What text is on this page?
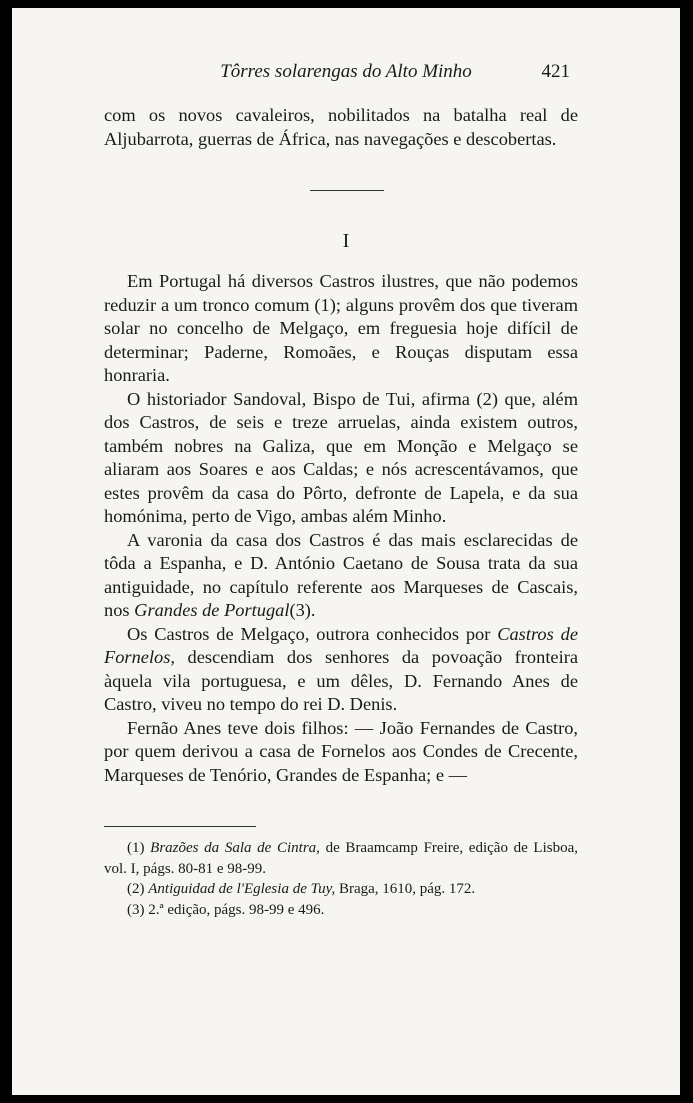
Tôrres solarengas do Alto Minho	421

com os novos cavaleiros, nobilitados na batalha real de Aljubarrota, guerras de África, nas navegações e descobertas.

I

Em Portugal há diversos Castros ilustres, que não podemos reduzir a um tronco comum (1); alguns provêm dos que tiveram solar no concelho de Melgaço, em freguesia hoje difícil de determinar; Paderne, Romoães, e Rouças disputam essa honraria.

O historiador Sandoval, Bispo de Tui, afirma (2) que, além dos Castros, de seis e treze arruelas, ainda existem outros, também nobres na Galiza, que em Monção e Melgaço se aliaram aos Soares e aos Caldas; e nós acrescentávamos, que estes provêm da casa do Pôrto, defronte de Lapela, e da sua homónima, perto de Vigo, ambas além Minho.

A varonia da casa dos Castros é das mais esclarecidas de tôda a Espanha, e D. António Caetano de Sousa trata da sua antiguidade, no capítulo referente aos Marqueses de Cascais, nos Grandes de Portugal(3).

Os Castros de Melgaço, outrora conhecidos por Castros de Fornelos, descendiam dos senhores da povoação fronteira àquela vila portuguesa, e um dêles, D. Fernando Anes de Castro, viveu no tempo do rei D. Denis.

Fernão Anes teve dois filhos: — João Fernandes de Castro, por quem derivou a casa de Fornelos aos Condes de Crecente, Marqueses de Tenório, Grandes de Espanha; e —

(1) Brazões da Sala de Cintra, de Braamcamp Freire, edição de Lisboa, vol. I, págs. 80-81 e 98-99.

(2) Antiguidad de l'Eglesia de Tuy, Braga, 1610, pág. 172.

(3) 2.ª edição, págs. 98-99 e 496.
